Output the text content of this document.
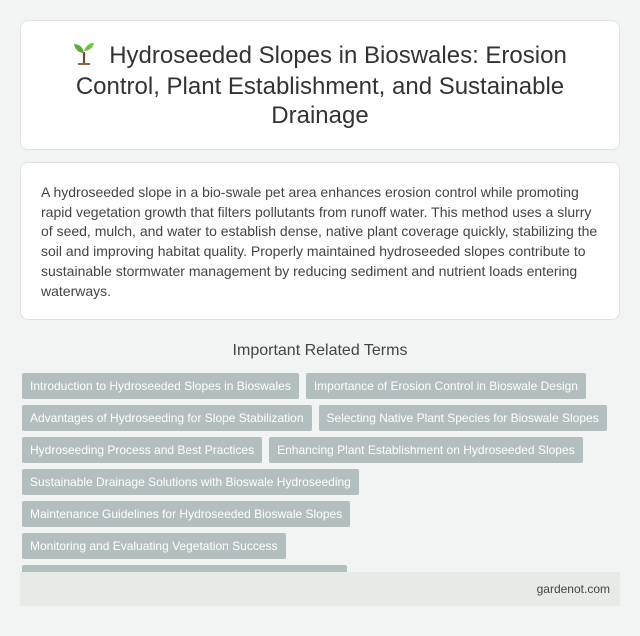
Hydroseeded Slopes in Bioswales: Erosion Control, Plant Establishment, and Sustainable Drainage

A hydroseeded slope in a bio-swale pet area enhances erosion control while promoting rapid vegetation growth that filters pollutants from runoff water. This method uses a slurry of seed, mulch, and water to establish dense, native plant coverage quickly, stabilizing the soil and improving habitat quality. Properly maintained hydroseeded slopes contribute to sustainable stormwater management by reducing sediment and nutrient loads entering waterways.

Important Related Terms
Introduction to Hydroseeded Slopes in Bioswales	Importance of Erosion Control in Bioswale Design
Advantages of Hydroseeding for Slope Stabilization	Selecting Native Plant Species for Bioswale Slopes
Hydroseeding Process and Best Practices	Enhancing Plant Establishment on Hydroseeded Slopes
Sustainable Drainage Solutions with Bioswale Hydroseeding
Maintenance Guidelines for Hydroseeded Bioswale Slopes
Monitoring and Evaluating Vegetation Success
gardenot.com
